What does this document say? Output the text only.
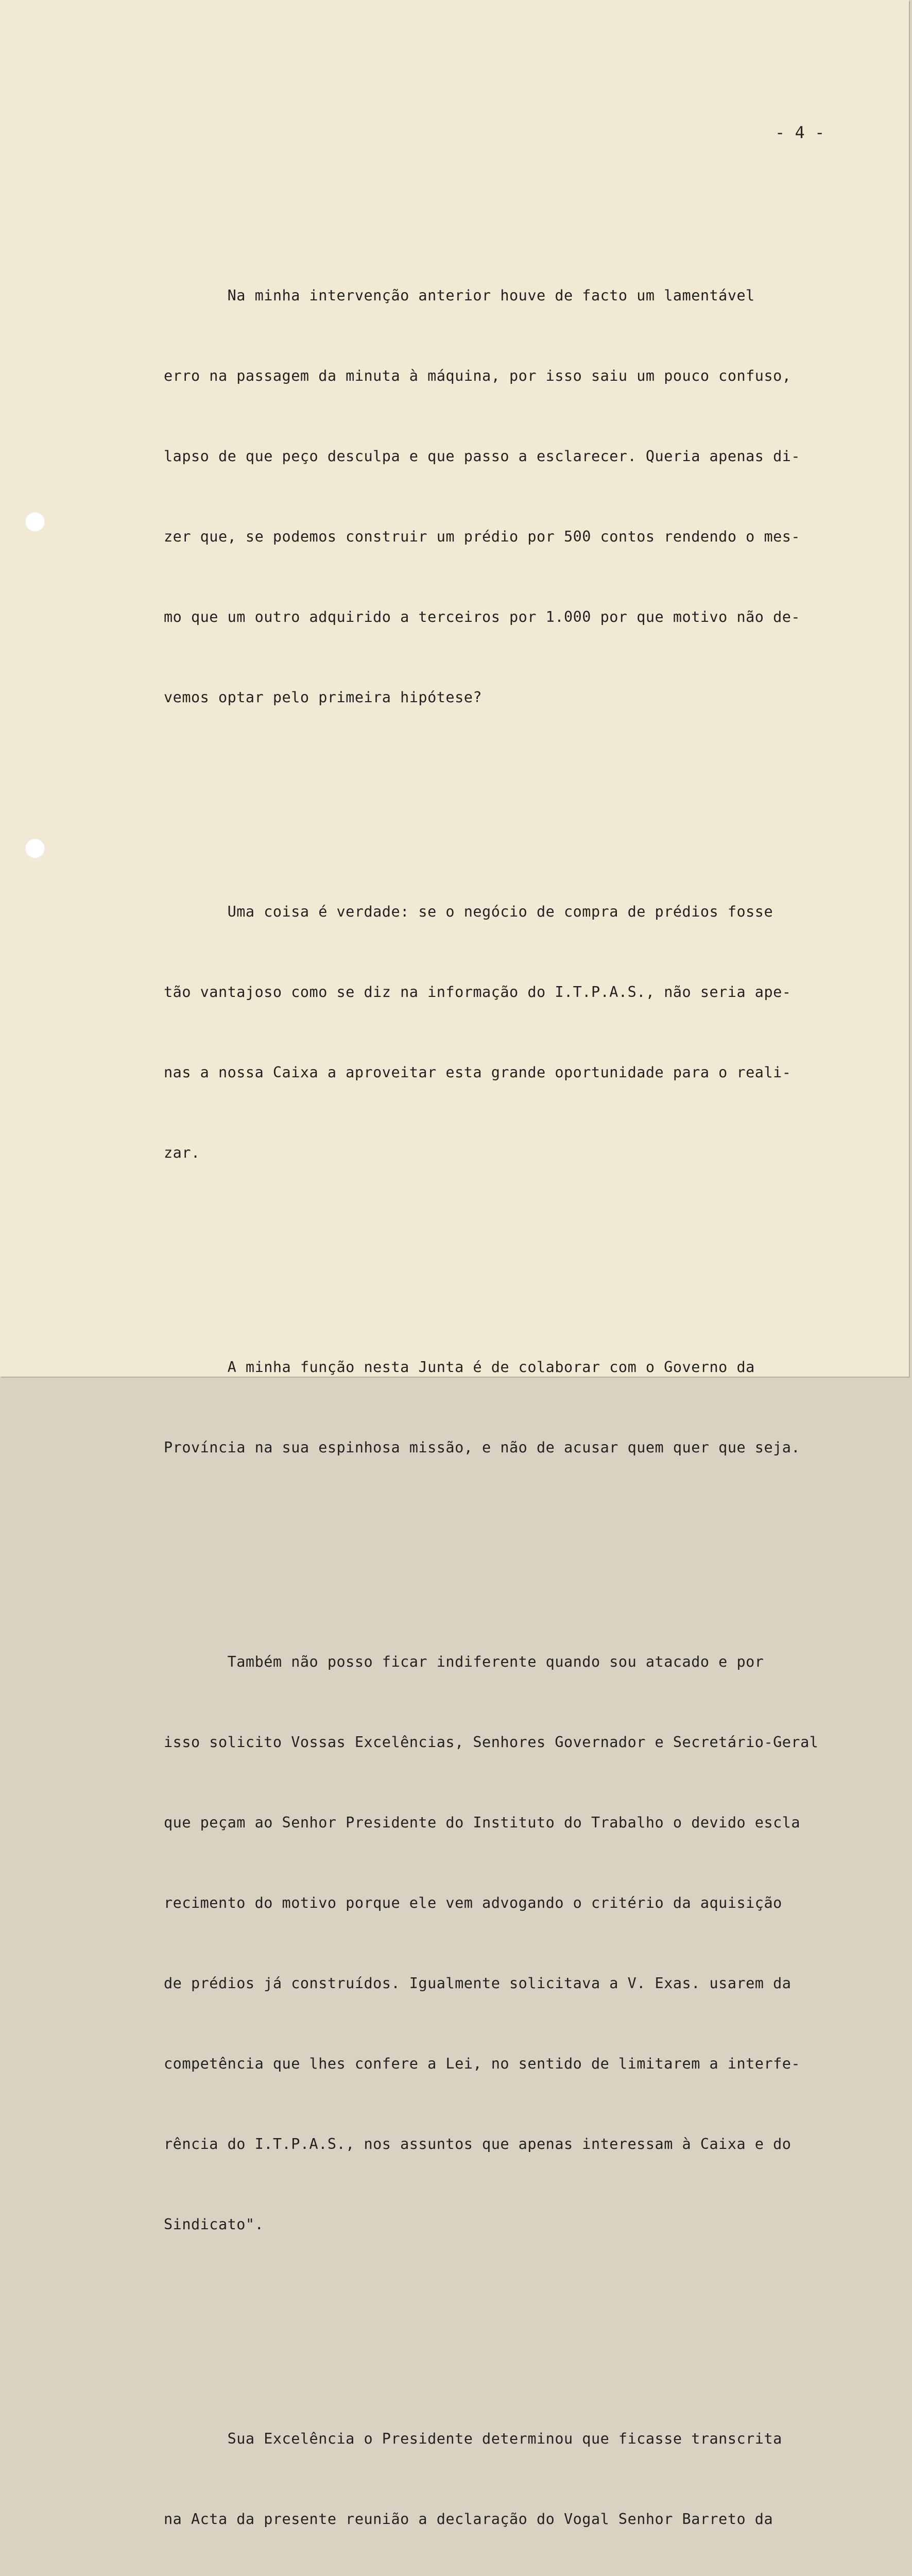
- 4 -

Na minha intervenção anterior houve de facto um lamentável

erro na passagem da minuta à máquina, por isso saiu um pouco confuso,

lapso de que peço desculpa e que passo a esclarecer. Queria apenas di-

zer que, se podemos construir um prédio por 500 contos rendendo o mes-

mo que um outro adquirido a terceiros por 1.000 por que motivo não de-

vemos optar pelo primeira hipótese?

Uma coisa é verdade: se o negócio de compra de prédios fosse

tão vantajoso como se diz na informação do I.T.P.A.S., não seria ape-

nas a nossa Caixa a aproveitar esta grande oportunidade para o reali-

zar.

A minha função nesta Junta é de colaborar com o Governo da

Província na sua espinhosa missão, e não de acusar quem quer que seja.

Também não posso ficar indiferente quando sou atacado e por

isso solicito Vossas Excelências, Senhores Governador e Secretário-Geral

que peçam ao Senhor Presidente do Instituto do Trabalho o devido escla

recimento do motivo porque ele vem advogando o critério da aquisição

de prédios já construídos. Igualmente solicitava a V. Exas. usarem da

competência que lhes confere a Lei, no sentido de limitarem a interfe-

rência do I.T.P.A.S., nos assuntos que apenas interessam à Caixa e do

Sindicato".

Sua Excelência o Presidente determinou que ficasse transcrita

na Acta da presente reunião a declaração do Vogal Senhor Barreto da
